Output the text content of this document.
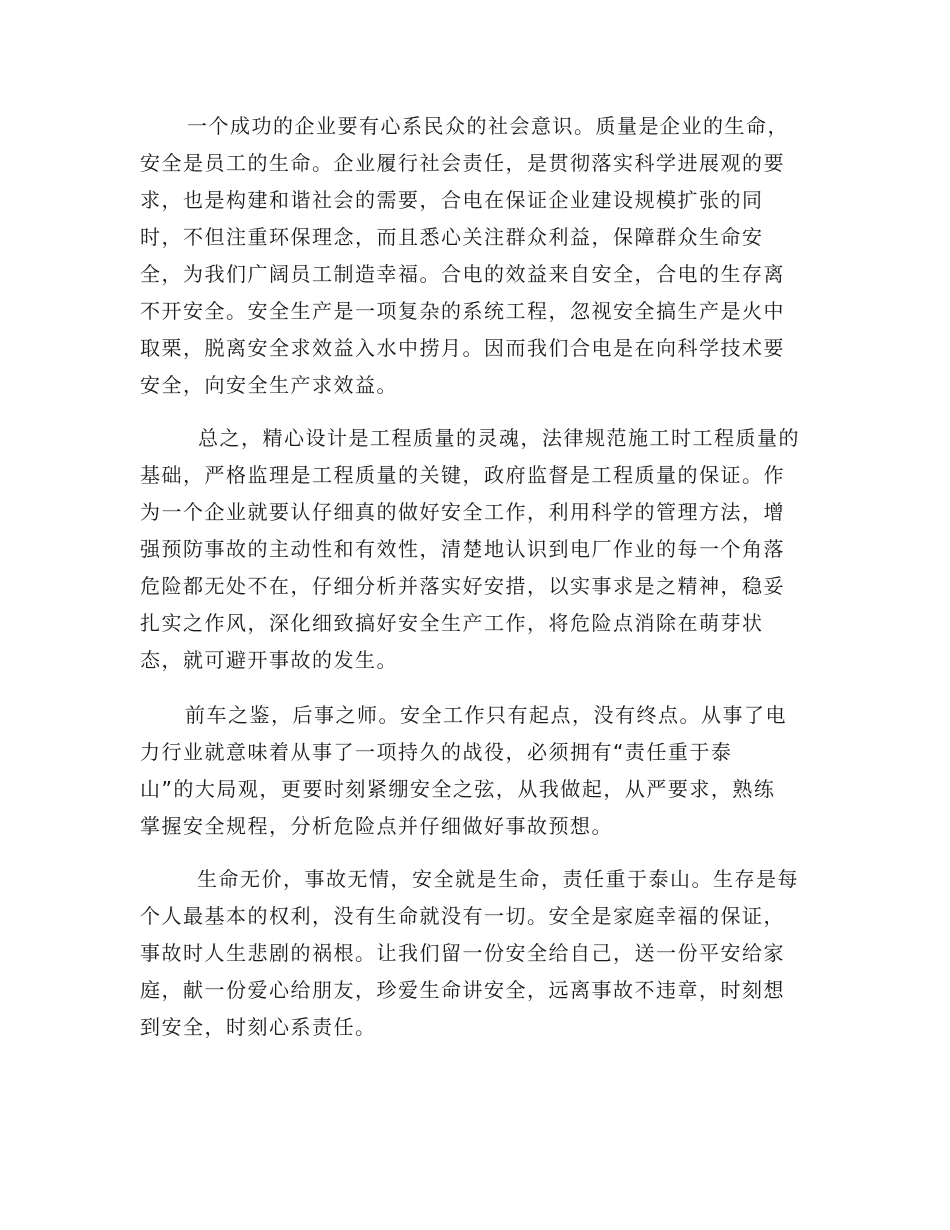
一个成功的企业要有心系民众的社会意识。质量是企业的生命，
安全是员工的生命。企业履行社会责任，是贯彻落实科学进展观的要
求，也是构建和谐社会的需要，合电在保证企业建设规模扩张的同
时，不但注重环保理念，而且悉心关注群众利益，保障群众生命安
全，为我们广阔员工制造幸福。合电的效益来自安全，合电的生存离
不开安全。安全生产是一项复杂的系统工程，忽视安全搞生产是火中
取栗，脱离安全求效益入水中捞月。因而我们合电是在向科学技术要
安全，向安全生产求效益。

总之，精心设计是工程质量的灵魂，法律规范施工时工程质量的
基础，严格监理是工程质量的关键，政府监督是工程质量的保证。作
为一个企业就要认仔细真的做好安全工作，利用科学的管理方法，增
强预防事故的主动性和有效性，清楚地认识到电厂作业的每一个角落
危险都无处不在，仔细分析并落实好安措，以实事求是之精神，稳妥
扎实之作风，深化细致搞好安全生产工作，将危险点消除在萌芽状
态，就可避开事故的发生。

前车之鉴，后事之师。安全工作只有起点，没有终点。从事了电
力行业就意味着从事了一项持久的战役，必须拥有“责任重于泰
山”的大局观，更要时刻紧绷安全之弦，从我做起，从严要求，熟练
掌握安全规程，分析危险点并仔细做好事故预想。

生命无价，事故无情，安全就是生命，责任重于泰山。生存是每
个人最基本的权利，没有生命就没有一切。安全是家庭幸福的保证，
事故时人生悲剧的祸根。让我们留一份安全给自己，送一份平安给家
庭，献一份爱心给朋友，珍爱生命讲安全，远离事故不违章，时刻想
到安全，时刻心系责任。
